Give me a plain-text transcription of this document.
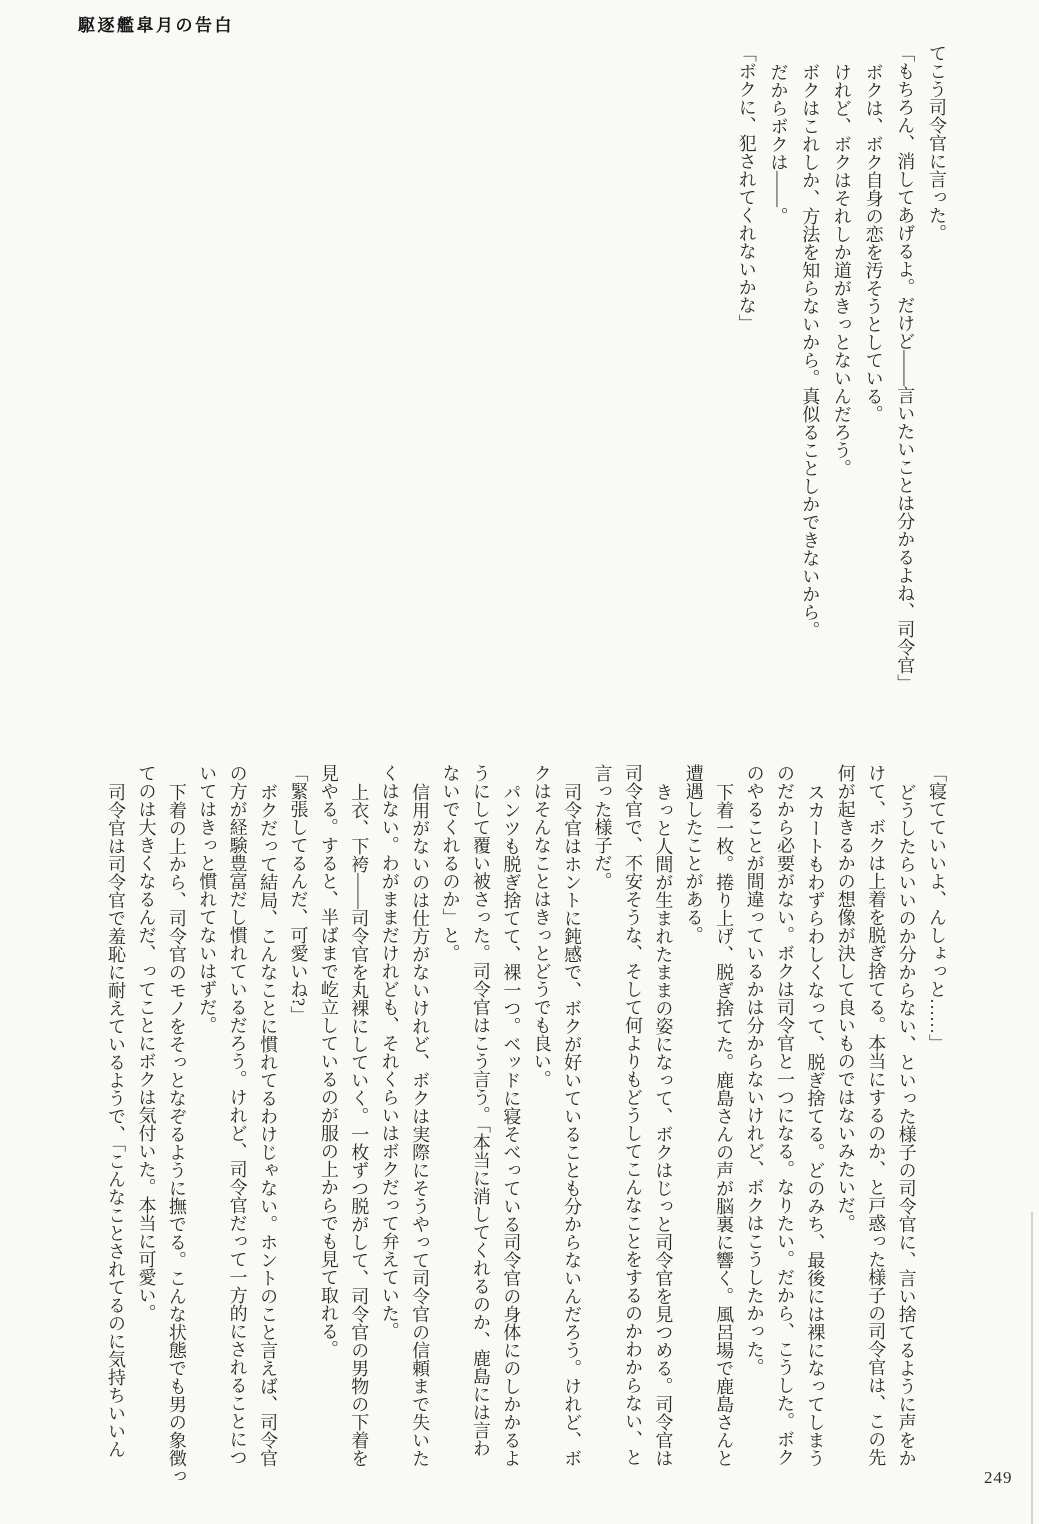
駆逐艦皐月の告白

てこう司令官に言った。

「もちろん、消してあげるよ。だけど——言いたいことは分かるよね、司令官」

ボクは、ボク自身の恋を汚そうとしている。

けれど、ボクはそれしか道がきっとないんだろう。

ボクはこれしか、方法を知らないから。真似ることしかできないから。

だからボクは——。

「ボクに、犯されてくれないかな」

「寝てていいよ、んしょっと……」

どうしたらいいのか分からない、といった様子の司令官に、言い捨てるように声をか

けて、ボクは上着を脱ぎ捨てる。本当にするのか、と戸惑った様子の司令官は、この先

何が起きるかの想像が決して良いものではないみたいだ。

スカートもわずらわしくなって、脱ぎ捨てる。どのみち、最後には裸になってしまう

のだから必要がない。ボクは司令官と一つになる。なりたい。だから、こうした。ボク

のやることが間違っているかは分からないけれど、ボクはこうしたかった。

下着一枚。捲り上げ、脱ぎ捨てた。鹿島さんの声が脳裏に響く。風呂場で鹿島さんと

遭遇したことがある。

きっと人間が生まれたままの姿になって、ボクはじっと司令官を見つめる。司令官は

司令官で、不安そうな、そして何よりもどうしてこんなことをするのかわからない、と

言った様子だ。

司令官はホントに鈍感で、ボクが好いていることも分からないんだろう。けれど、ボ

クはそんなことはきっとどうでも良い。

パンツも脱ぎ捨てて、裸一つ。ベッドに寝そべっている司令官の身体にのしかかるよ

うにして覆い被さった。司令官はこう言う。「本当に消してくれるのか、鹿島には言わ

ないでくれるのか」と。

信用がないのは仕方がないけれど、ボクは実際にそうやって司令官の信頼まで失いた

くはない。わがままだけれども、それくらいはボクだって弁えていた。

上衣、下袴——司令官を丸裸にしていく。一枚ずつ脱がして、司令官の男物の下着を

見やる。すると、半ばまで屹立しているのが服の上からでも見て取れる。

「緊張してるんだ、可愛いね?」

ボクだって結局、こんなことに慣れてるわけじゃない。ホントのこと言えば、司令官

の方が経験豊富だし慣れているだろう。けれど、司令官だって一方的にされることにつ

いてはきっと慣れてないはずだ。

下着の上から、司令官のモノをそっとなぞるように撫でる。こんな状態でも男の象徴っ

てのは大きくなるんだ、ってことにボクは気付いた。本当に可愛い。

司令官は司令官で羞恥に耐えているようで、「こんなことされてるのに気持ちいいん

249
